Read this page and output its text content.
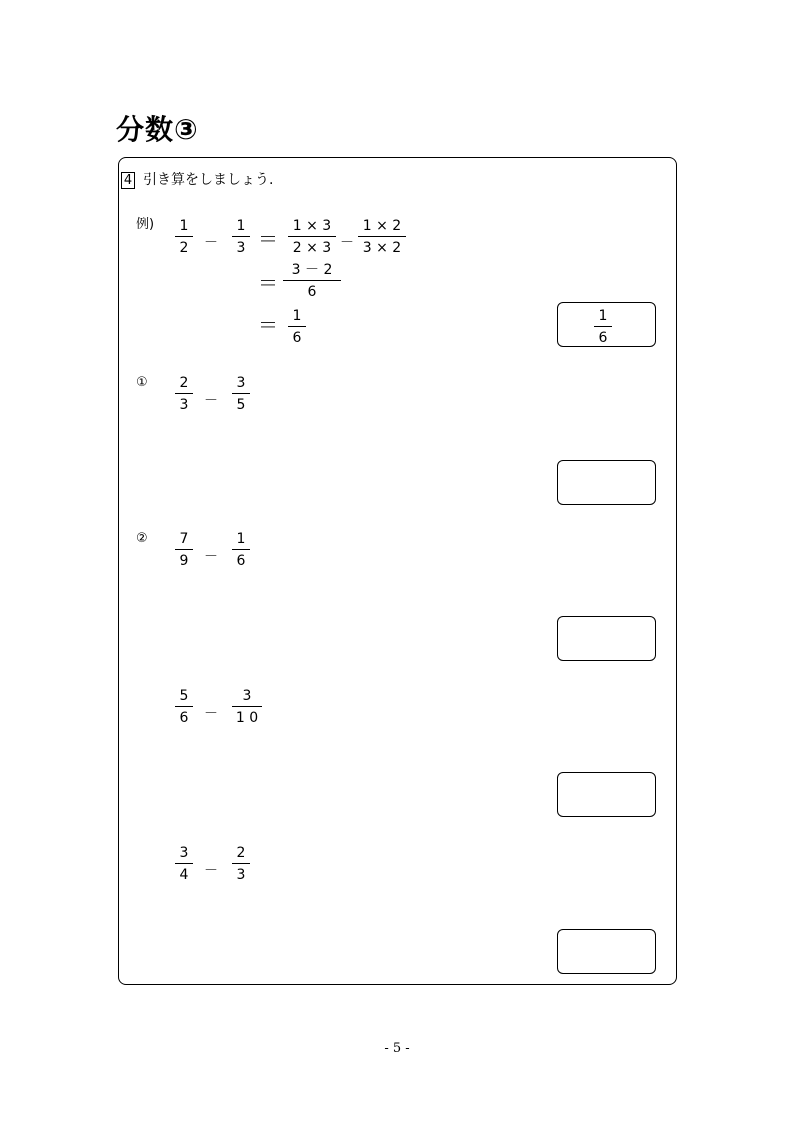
分数③
4 引き算をしましょう.
例) 1
2 －
1
3 ＝
1 × 3
2 × 3 －
1 × 2
3 × 2
＝
3 － 2
6
＝ 1
6
1
6
① 2
3 －
3
5
② 7
9 －
1
6
5
6 －
3
1 0
3
4 －
2
3
- 5 -
